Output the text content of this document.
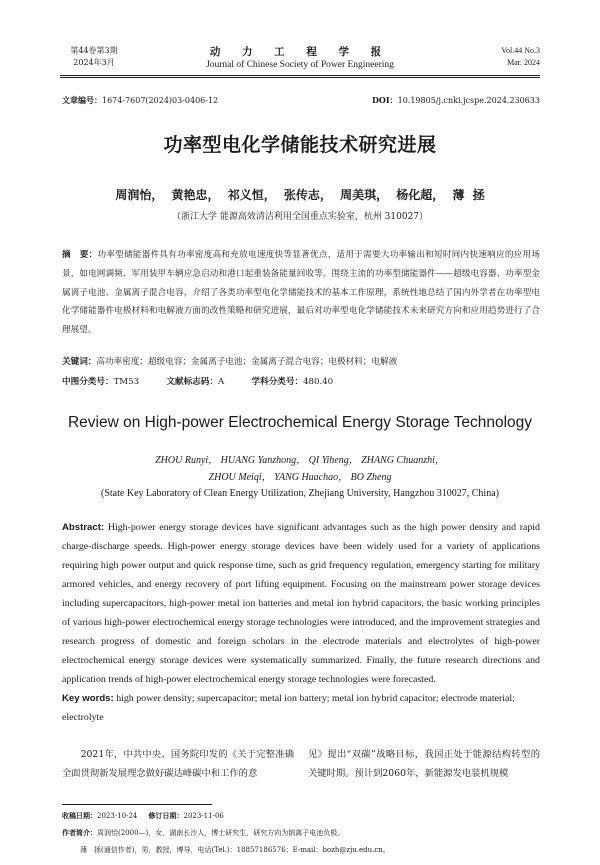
第44卷第3期
2024年3月
动 力 工 程 学 报
Journal of Chinese Society of Power Engineering
Vol.44 No.3
Mar. 2024
文章编号：1674-7607(2024)03-0406-12	DOI：10.19805/j.cnki.jcspe.2024.230633
功率型电化学储能技术研究进展
周润怡， 黄艳忠， 祁义恒， 张传志， 周美琪， 杨化超， 薄 拯
（浙江大学 能源高效清洁利用全国重点实验室，杭州 310027）
摘　要：功率型储能器件具有功率密度高和充放电速度快等显著优点，适用于需要大功率输出和短时间内快速响应的应用场景，如电网调频、军用装甲车辆应急启动和港口起重装备能量回收等。围绕主流的功率型储能器件——超级电容器、功率型金属离子电池、金属离子混合电容，介绍了各类功率型电化学储能技术的基本工作原理，系统性地总结了国内外学者在功率型电化学储能器件电极材料和电解液方面的改性策略和研究进展，最后对功率型电化学储能技术未来研究方向和应用趋势进行了合理展望。
关键词：高功率密度；超级电容；金属离子电池；金属离子混合电容；电极材料；电解液
中图分类号：TM53	文献标志码：A	学科分类号：480.40
Review on High-power Electrochemical Energy Storage Technology
ZHOU Runyi， HUANG Yanzhong， QI Yiheng， ZHANG Chuanzhi，
ZHOU Meiqi， YANG Huachao， BO Zheng
(State Key Laboratory of Clean Energy Utilization, Zhejiang University, Hangzhou 310027, China)
Abstract: High-power energy storage devices have significant advantages such as the high power density and rapid charge-discharge speeds. High-power energy storage devices have been widely used for a variety of applications requiring high power output and quick response time, such as grid frequency regulation, emergency starting for military armored vehicles, and energy recovery of port lifting equipment. Focusing on the mainstream power storage devices including supercapacitors, high-power metal ion batteries and metal ion hybrid capacitors, the basic working principles of various high-power electrochemical energy storage technologies were introduced, and the improvement strategies and research progress of domestic and foreign scholars in the electrode materials and electrolytes of high-power electrochemical energy storage devices were systematically summarized. Finally, the future research directions and application trends of high-power electrochemical energy storage technologies were forecasted.
Key words: high power density; supercapacitor; metal ion battery; metal ion hybrid capacitor; electrode material; electrolyte
2021年，中共中央、国务院印发的《关于完整准确全面贯彻新发展理念做好碳达峰碳中和工作的意
见》提出“双碳”战略目标，我国正处于能源结构转型的关键时期。预计到2060年，新能源发电装机规模
收稿日期：2023-10-24 修订日期：2023-11-06
作者简介：周润怡(2000—)，女，湖南长沙人，博士研究生，研究方向为钠离子电池负极。
薄　拯(通信作者)，男，教授，博导，电话(Tel.)：18857186576；E-mail：bozh@zju.edu.cn。
